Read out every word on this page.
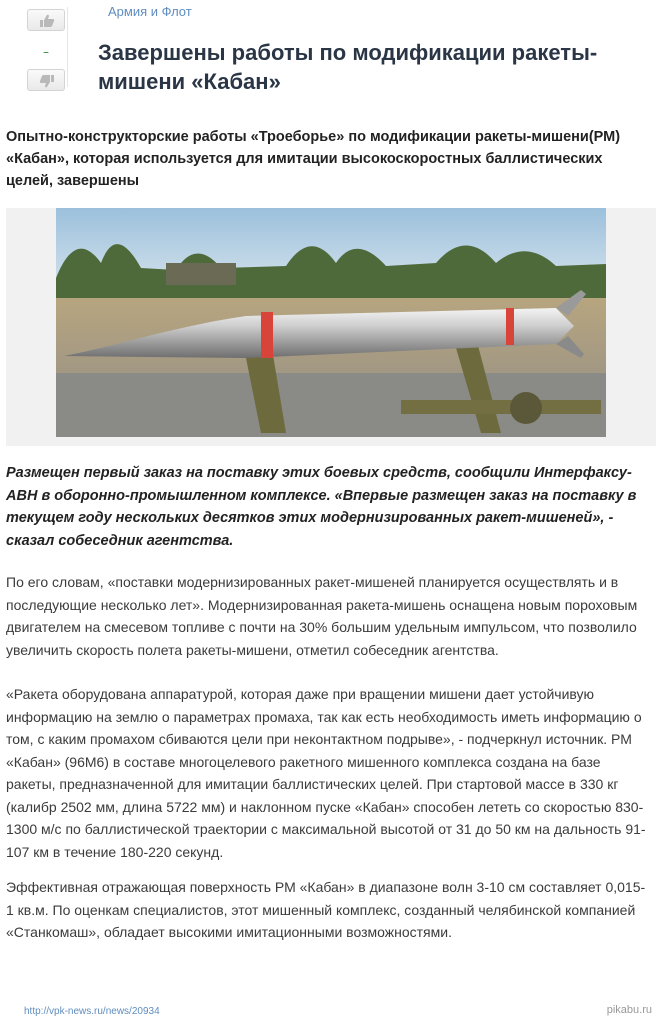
–
Армия и Флот
Завершены работы по модификации ракеты-мишени «Кабан»

Опытно-конструкторские работы «Троеборье» по модификации ракеты-мишени(РМ) «Кабан», которая используется для имитации высокоскоростных баллистических целей, завершены

Размещен первый заказ на поставку этих боевых средств, сообщили Интерфаксу-АВН в оборонно-промышленном комплексе. «Впервые размещен заказ на поставку в текущем году нескольких десятков этих модернизированных ракет-мишеней», - сказал собеседник агентства.

По его словам, «поставки модернизированных ракет-мишеней планируется осуществлять и в последующие несколько лет». Модернизированная ракета-мишень оснащена новым пороховым двигателем на смесевом топливе с почти на 30% большим удельным импульсом, что позволило увеличить скорость полета ракеты-мишени, отметил собеседник агентства.

«Ракета оборудована аппаратурой, которая даже при вращении мишени дает устойчивую информацию на землю о параметрах промаха, так как есть необходимость иметь информацию о том, с каким промахом сбиваются цели при неконтактном подрыве», - подчеркнул источник. РМ «Кабан» (96М6) в составе многоцелевого ракетного мишенного комплекса создана на базе ракеты, предназначенной для имитации баллистических целей. При стартовой массе в 330 кг (калибр 2502 мм, длина 5722 мм) и наклонном пуске «Кабан» способен лететь со скоростью 830-1300 м/с по баллистической траектории с максимальной высотой от 31 до 50 км на дальность 91-107 км в течение 180-220 секунд.

Эффективная отражающая поверхность РМ «Кабан» в диапазоне волн 3-10 см составляет 0,015-1 кв.м. По оценкам специалистов, этот мишенный комплекс, созданный челябинской компанией «Станкомаш», обладает высокими имитационными возможностями.

http://vpk-news.ru/news/20934	pikabu.ru
